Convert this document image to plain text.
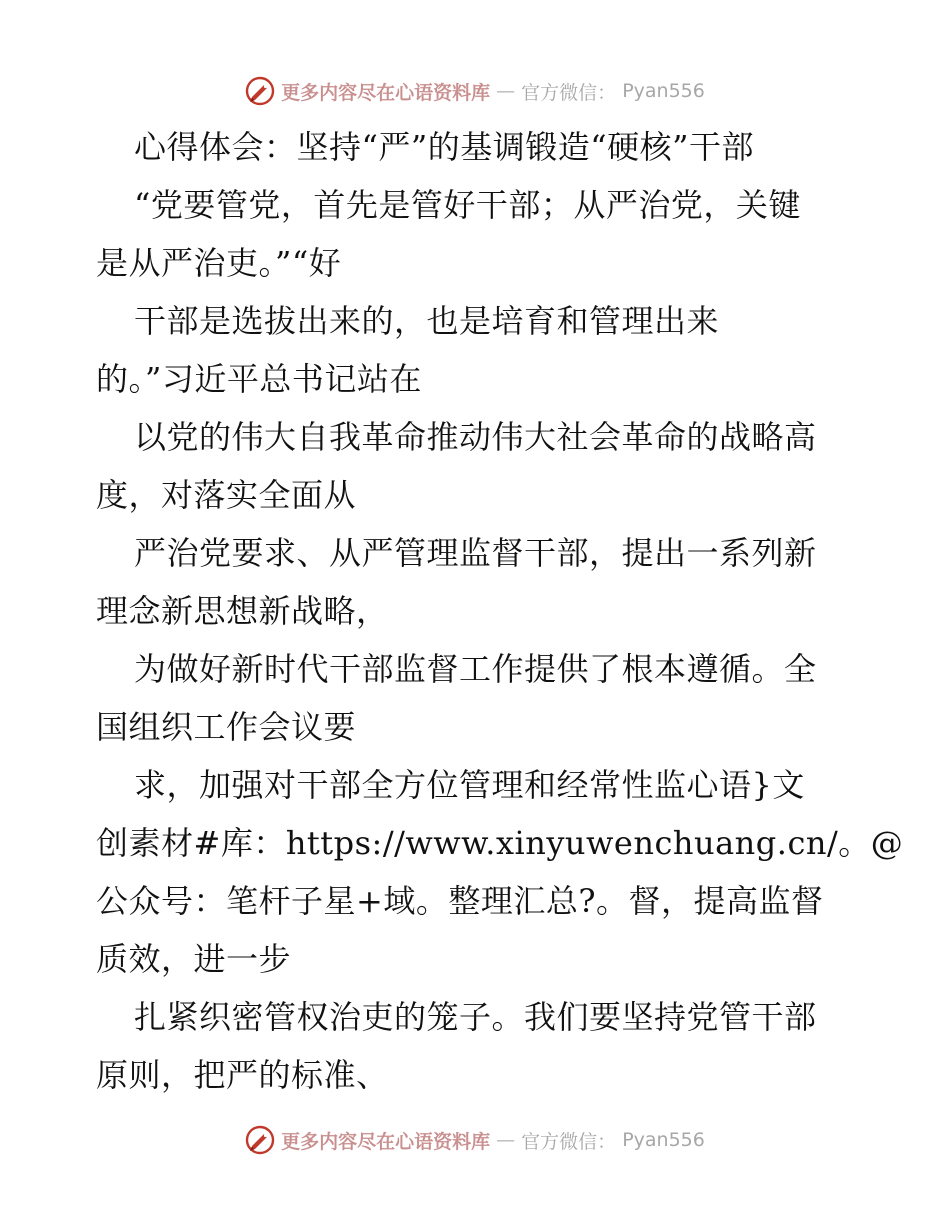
更多内容尽在心语资料库 — 官方微信： Pyan556
心得体会：坚持“严”的基调锻造“硬核”干部
“党要管党，首先是管好干部；从严治党，关键
是从严治吏。”“好
干部是选拔出来的，也是培育和管理出来
的。”习近平总书记站在
以党的伟大自我革命推动伟大社会革命的战略高
度，对落实全面从
严治党要求、从严管理监督干部，提出一系列新
理念新思想新战略，
为做好新时代干部监督工作提供了根本遵循。全
国组织工作会议要
求，加强对干部全方位管理和经常性监心语}文
创素材#库：https://www.xinyuwenchuang.cn/。@
公众号：笔杆子星+域。整理汇总?。督，提高监督
质效，进一步
扎紧织密管权治吏的笼子。我们要坚持党管干部
原则，把严的标准、
更多内容尽在心语资料库 — 官方微信： Pyan556
